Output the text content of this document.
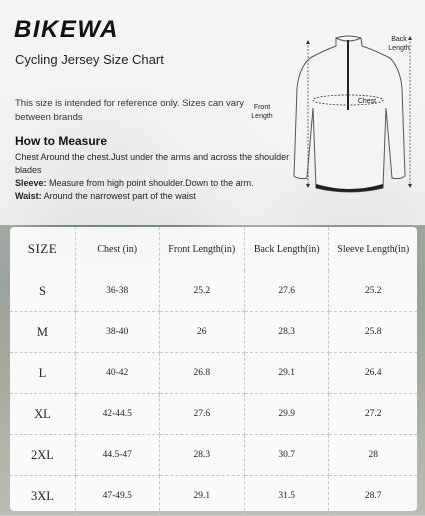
BIKEWA
Cycling Jersey Size Chart
This size is intended for reference only. Sizes can vary between brands
How to Measure
Chest Around the chest.Just under the arms and across the shoulder blades
Sleeve: Measure from high point shoulder.Down to the arm.
Waist: Around the narrowest part of the waist
Back Length
Front Length
Chest
SIZE	Chest (in)	Front Length(in)	Back Length(in)	Sleeve Length(in)
S	36-38	25.2	27.6	25.2
M	38-40	26	28.3	25.8
L	40-42	26.8	29.1	26.4
XL	42-44.5	27.6	29.9	27.2
2XL	44.5-47	28.3	30.7	28
3XL	47-49.5	29.1	31.5	28.7
